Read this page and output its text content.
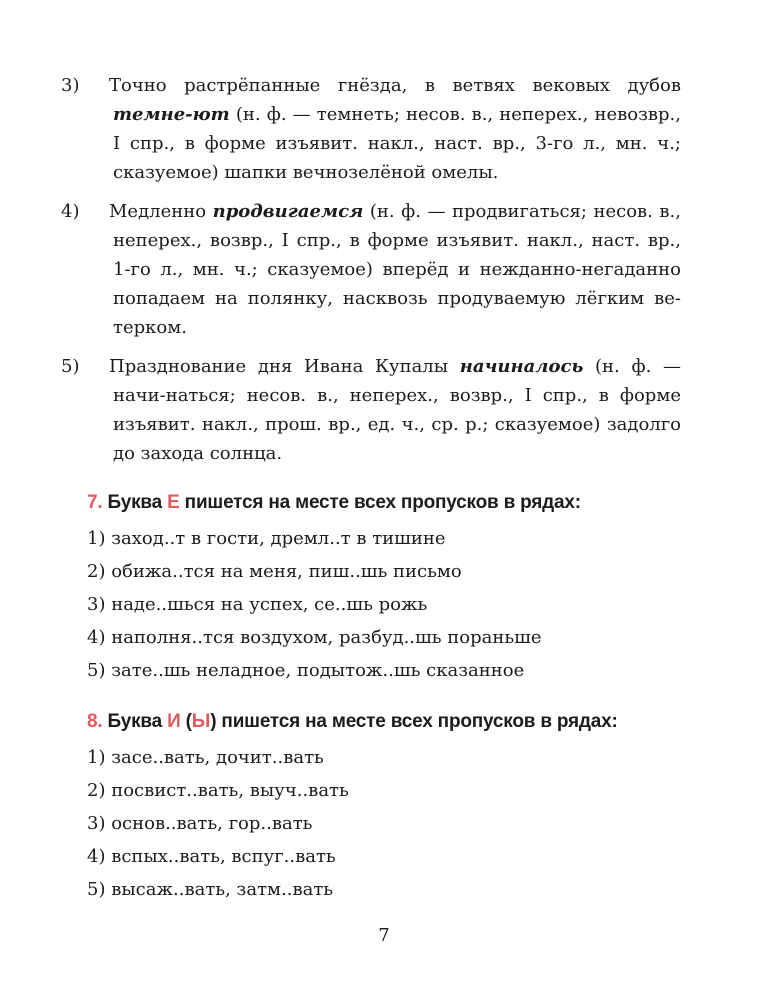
3) Точно растрёпанные гнёзда, в ветвях вековых дубов темне-ют (н. ф. — темнеть; несов. в., неперех., невозвр., I спр., в форме изъявит. накл., наст. вр., 3-го л., мн. ч.; сказуемое) шапки вечнозелёной омелы.
4) Медленно продвигаемся (н. ф. — продвигаться; несов. в., неперех., возвр., I спр., в форме изъявит. накл., наст. вр., 1-го л., мн. ч.; сказуемое) вперёд и нежданно-негаданно попадаем на полянку, насквозь продуваемую лёгким ве-терком.
5) Празднование дня Ивана Купалы начиналось (н. ф. — начи-наться; несов. в., неперех., возвр., I спр., в форме изъявит. накл., прош. вр., ед. ч., ср. р.; сказуемое) задолго до захода солнца.
7. Буква Е пишется на месте всех пропусков в рядах:
1) заход..т в гости, дремл..т в тишине
2) обижа..тся на меня, пиш..шь письмо
3) наде..шься на успех, се..шь рожь
4) наполня..тся воздухом, разбуд..шь пораньше
5) зате..шь неладное, подытож..шь сказанное
8. Буква И (Ы) пишется на месте всех пропусков в рядах:
1) засе..вать, дочит..вать
2) посвист..вать, выуч..вать
3) основ..вать, гор..вать
4) вспых..вать, вспуг..вать
5) высаж..вать, затм..вать
7
